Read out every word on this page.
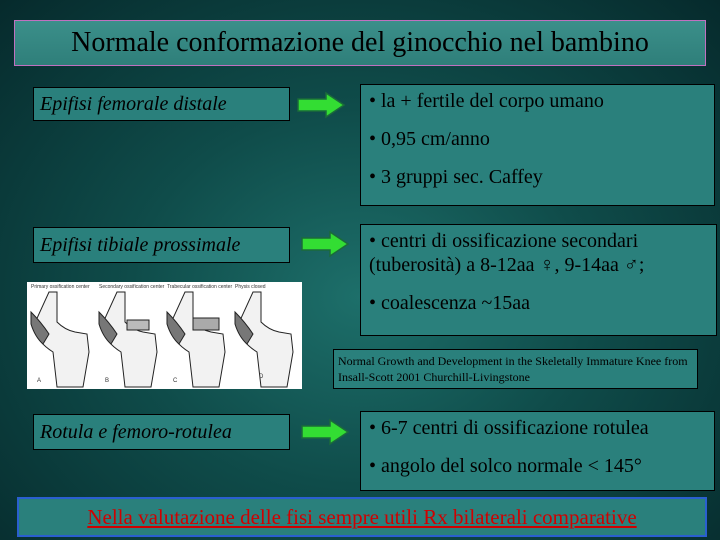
Normale conformazione del ginocchio nel bambino
Epifisi femorale distale	• la + fertile del corpo umano

• 0,95 cm/anno

• 3 gruppi sec. Caffey

Epifisi tibiale prossimale	• centri di ossificazione secondari (tuberosità) a 8-12aa ♀, 9-14aa ♂;

• coalescenza ~15aa

Primary ossification center Secondary ossification center Trabecular ossification center Physis closed
A	B	C
D
Normal Growth and Development in the Skeletally Immature Knee from Insall-Scott 2001 Churchill-Livingstone
Rotula e femoro-rotulea	• 6-7 centri di ossificazione rotulea

• angolo del solco normale < 145°

Nella valutazione delle fisi sempre utili Rx bilaterali comparative
